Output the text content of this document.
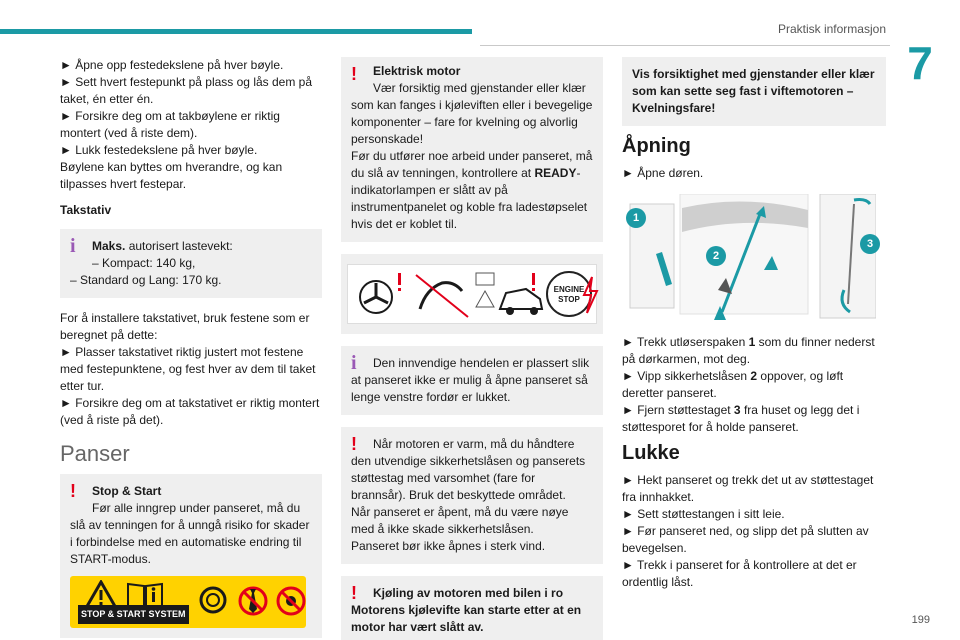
Praktisk informasjon
7
► Åpne opp festedekslene på hver bøyle.
► Sett hvert festepunkt på plass og lås dem på taket, én etter én.
► Forsikre deg om at takbøylene er riktig montert (ved å riste dem).
► Lukk festedekslene på hver bøyle.
Bøylene kan byttes om hverandre, og kan tilpasses hvert festepar.
Takstativ
i Maks. autorisert lastevekt:
– Kompact: 140 kg,
– Standard og Lang: 170 kg.
For å installere takstativet, bruk festene som er beregnet på dette:
► Plasser takstativet riktig justert mot festene med festepunktene, og fest hver av dem til taket etter tur.
► Forsikre deg om at takstativet er riktig montert (ved å riste på det).
Panser
! Stop & Start
Før alle inngrep under panseret, må du slå av tenningen for å unngå risiko for skader i forbindelse med en automatiske endring til START-modus.
STOP & START SYSTEM
! Elektrisk motor
Vær forsiktig med gjenstander eller klær som kan fanges i kjøleviften eller i bevegelige komponenter – fare for kvelning og alvorlig personskade!
Før du utfører noe arbeid under panseret, må du slå av tenningen, kontrollere at READY-indikatorlampen er slått av på instrumentpanelet og koble fra ladestøpselet hvis det er koblet til.
ENGINE STOP
i	Den innvendige hendelen er plassert slik at panseret ikke er mulig å åpne panseret så lenge venstre fordør er lukket.
!	Når motoren er varm, må du håndtere den utvendige sikkerhetslåsen og panserets støttestag med varsomhet (fare for brannsår). Bruk det beskyttede området.
Når panseret er åpent, må du være nøye med å ikke skade sikkerhetslåsen.
Panseret bør ikke åpnes i sterk vind.
!	Kjøling av motoren med bilen i ro Motorens kjølevifte kan starte etter at en motor har vært slått av.
Vis forsiktighet med gjenstander eller klær som kan sette seg fast i viftemotoren – Kvelningsfare!
Åpning
► Åpne døren.
1
2
3
► Trekk utløserspaken 1 som du finner nederst på dørkarmen, mot deg.
► Vipp sikkerhetslåsen 2 oppover, og løft deretter panseret.
► Fjern støttestaget 3 fra huset og legg det i støttesporet for å holde panseret.
Lukke
► Hekt panseret og trekk det ut av støttestaget fra innhakket.
► Sett støttestangen i sitt leie.
► Før panseret ned, og slipp det på slutten av bevegelsen.
► Trekk i panseret for å kontrollere at det er ordentlig låst.
199
